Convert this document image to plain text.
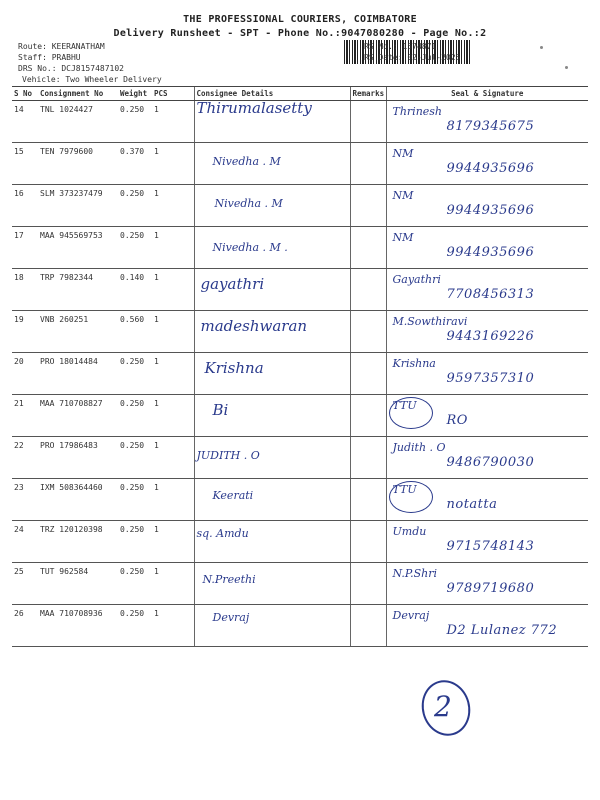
THE PROFESSIONAL COURIERS, COIMBATORE
Delivery Runsheet - SPT - Phone No.:9047080280 - Page No.:2
Route: KEERANATHAM
Staff: PRABHU
DRS No.: DCJ8157487102
Vehicle: Two Wheeler Delivery
RS No.: 1574871
RS Date: 02-Jul-2025
S No	Consignment No	Weight	PCS	Consignee Details	Remarks	Seal & Signature
14	TNL 1024427	0.250	1	Thirumalasetty		Thrinesh
8179345675

15	TEN 7979600	0.370	1	Nivedha . M		NM
9944935696

16	SLM 373237479	0.250	1	Nivedha . M		NM
9944935696

17	MAA 945569753	0.250	1	Nivedha . M .		NM
9944935696

18	TRP 7982344	0.140	1	gayathri		Gayathri
7708456313

19	VNB 260251	0.560	1	madeshwaran		M.Sowthiravi
9443169226

20	PRO 18014484	0.250	1	Krishna		Krishna
9597357310

21	MAA 710708827	0.250	1	Bi		TTU
RO

22	PRO 17986483	0.250	1	JUDITH . O		Judith . O
9486790030

23	IXM 508364460	0.250	1	Keerati		TTU
notatta

24	TRZ 120120398	0.250	1	sq. Amdu		Umdu
9715748143

25	TUT 962584	0.250	1	N.Preethi		N.P.Shri
9789719680

26	MAA 710708936	0.250	1	Devraj		Devraj
D2 Lulanez 772
2
